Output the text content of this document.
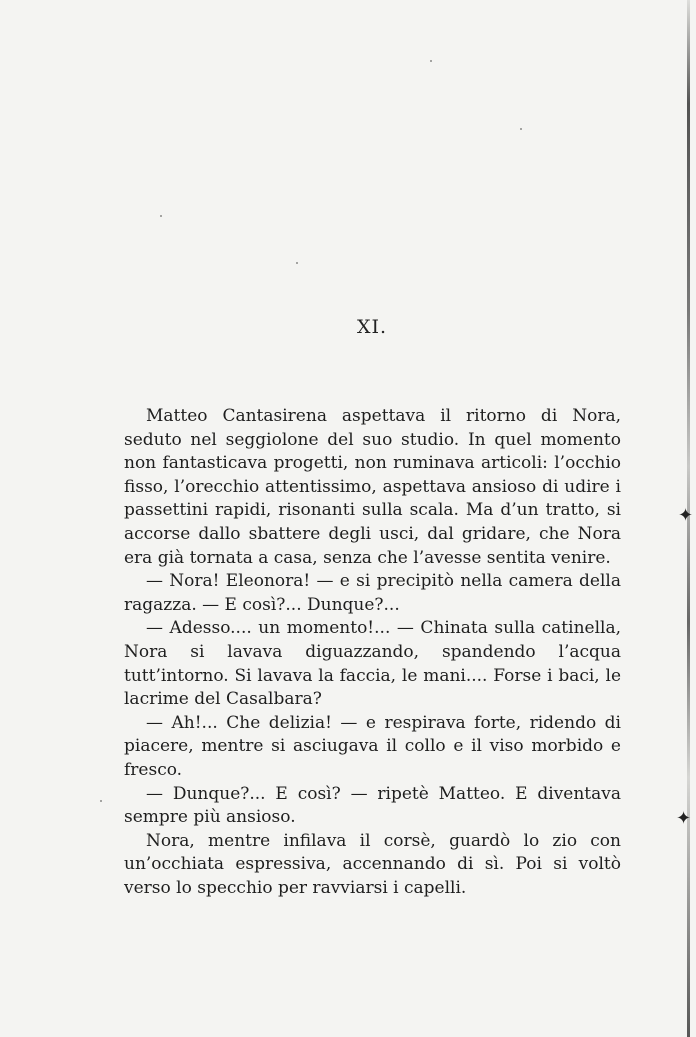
✦
✦
XI.

Matteo Cantasirena aspettava il ritorno di Nora, seduto nel seggiolone del suo studio. In quel momento non fantasticava progetti, non ruminava articoli: l’occhio fisso, l’orecchio attentissimo, aspettava ansioso di udire i passettini rapidi, risonanti sulla scala. Ma d’un tratto, si accorse dallo sbattere degli usci, dal gridare, che Nora era già tornata a casa, senza che l’avesse sentita venire.

— Nora! Eleonora! — e si precipitò nella camera della ragazza. — E così?... Dunque?...

— Adesso.... un momento!... — Chinata sulla catinella, Nora si lavava diguazzando, spandendo l’acqua tutt’intorno. Si lavava la faccia, le mani.... Forse i baci, le lacrime del Casalbara?

— Ah!... Che delizia! — e respirava forte, ridendo di piacere, mentre si asciugava il collo e il viso morbido e fresco.

— Dunque?... E così? — ripetè Matteo. E diventava sempre più ansioso.

Nora, mentre infilava il corsè, guardò lo zio con un’occhiata espressiva, accennando di sì. Poi si voltò verso lo specchio per ravviarsi i capelli.
